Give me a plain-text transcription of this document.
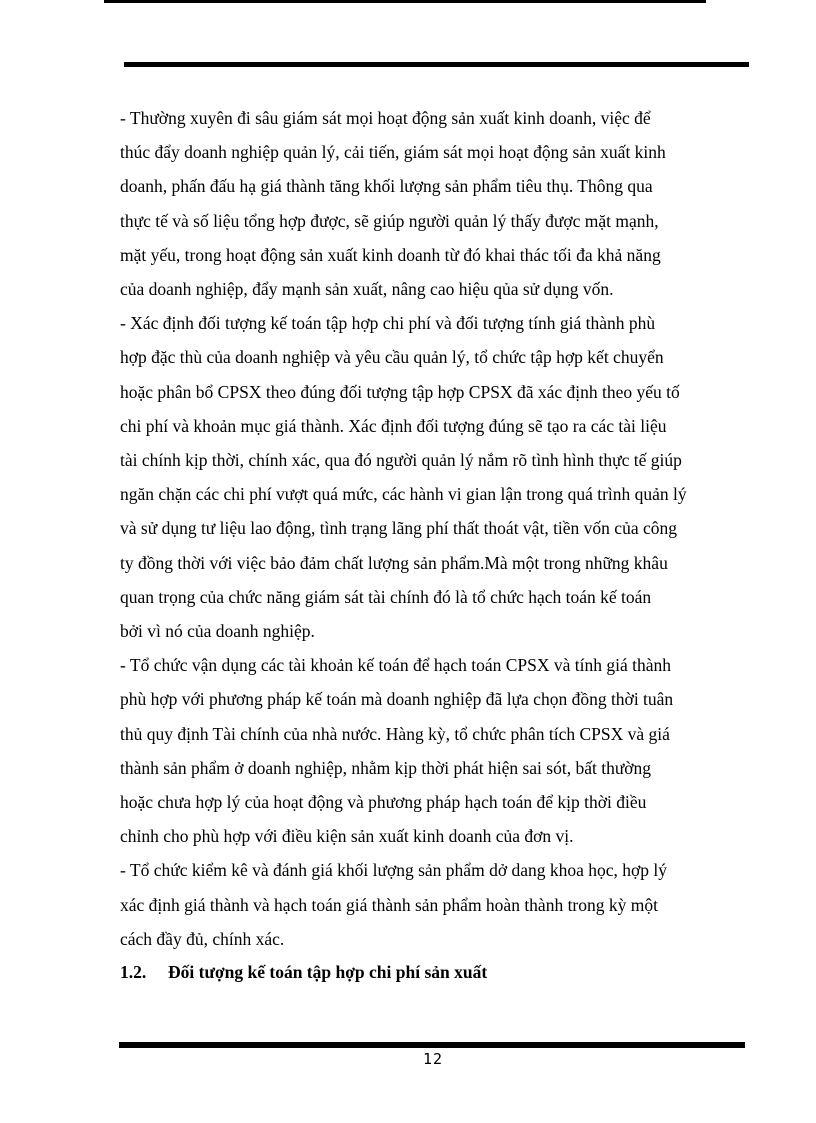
- Thường xuyên đi sâu giám sát mọi hoạt động sản xuất kinh doanh, việc để
thúc đẩy doanh nghiệp quản lý, cải tiến, giám sát mọi hoạt động sản xuất kinh
doanh, phấn đấu hạ giá thành tăng khối lượng sản phẩm tiêu thụ. Thông qua
thực tế và số liệu tổng hợp được, sẽ giúp người quản lý thấy được mặt mạnh,
mặt yếu, trong hoạt động sản xuất kinh doanh từ đó khai thác tối đa khả năng
của doanh nghiệp, đẩy mạnh sản xuất, nâng cao hiệu qủa sử dụng vốn.
- Xác định đối tượng kế toán tập hợp chi phí và đối tượng tính giá thành phù
hợp đặc thù của doanh nghiệp và yêu cầu quản lý, tổ chức tập hợp kết chuyển
hoặc phân bổ CPSX theo đúng đối tượng tập hợp CPSX đã xác định theo yếu tố
chi phí và khoản mục giá thành. Xác định đối tượng đúng sẽ tạo ra các tài liệu
tài chính kịp thời, chính xác, qua đó người quản lý nắm rõ tình hình thực tế giúp
ngăn chặn các chi phí vượt quá mức, các hành vi gian lận trong quá trình quản lý
và sử dụng tư liệu lao động, tình trạng lãng phí thất thoát vật, tiền vốn của công
ty đồng thời với việc bảo đảm chất lượng sản phẩm.Mà một trong những khâu
quan trọng của chức năng giám sát tài chính đó là tổ chức hạch toán kế toán
bởi vì nó của doanh nghiệp.
- Tổ chức vận dụng các tài khoản kế toán để hạch toán CPSX và tính giá thành
phù hợp với phương pháp kế toán mà doanh nghiệp đã lựa chọn đồng thời tuân
thủ quy định Tài chính của nhà nước. Hàng kỳ, tổ chức phân tích CPSX và giá
thành sản phẩm ở doanh nghiệp, nhằm kịp thời phát hiện sai sót, bất thường
hoặc chưa hợp lý của hoạt động và phương pháp hạch toán để kịp thời điều
chỉnh cho phù hợp với điều kiện sản xuất kinh doanh của đơn vị.
- Tổ chức kiểm kê và đánh giá khối lượng sản phẩm dở dang khoa học, hợp lý
xác định giá thành và hạch toán giá thành sản phẩm hoàn thành trong kỳ một
cách đầy đủ, chính xác.
1.2. Đối tượng kế toán tập hợp chi phí sản xuất
12
